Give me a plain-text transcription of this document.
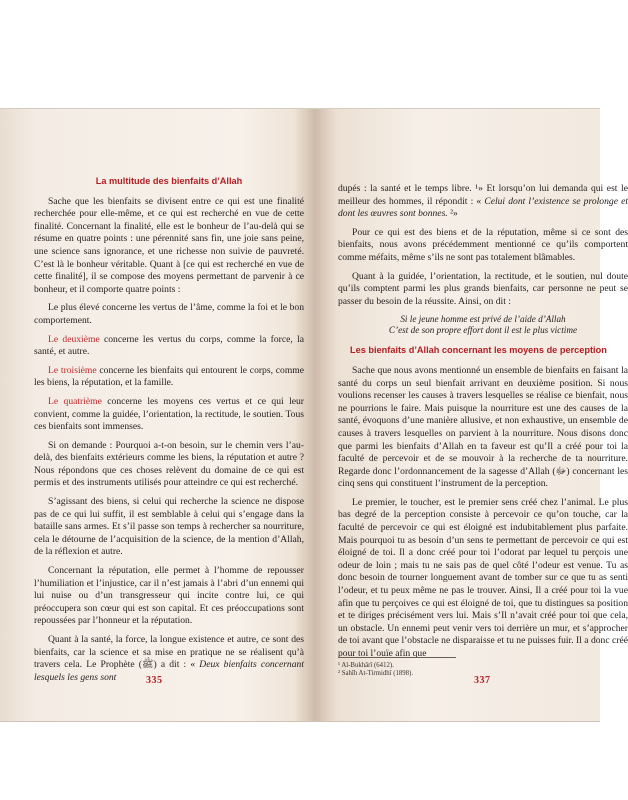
La multitude des bienfaits d’Allah

Sache que les bienfaits se divisent entre ce qui est une finalité recherchée pour elle-même, et ce qui est recherché en vue de cette finalité. Concernant la finalité, elle est le bonheur de l’au-delà qui se résume en quatre points : une pérennité sans fin, une joie sans peine, une science sans ignorance, et une richesse non suivie de pauvreté. C’est là le bonheur véritable. Quant à [ce qui est recherché en vue de cette finalité], il se compose des moyens permettant de parvenir à ce bonheur, et il comporte quatre points :

Le plus élevé concerne les vertus de l’âme, comme la foi et le bon comportement.

Le deuxième concerne les vertus du corps, comme la force, la santé, et autre.

Le troisième concerne les bienfaits qui entourent le corps, comme les biens, la réputation, et la famille.

Le quatrième concerne les moyens ces vertus et ce qui leur convient, comme la guidée, l’orientation, la rectitude, le soutien. Tous ces bienfaits sont immenses.

Si on demande : Pourquoi a-t-on besoin, sur le chemin vers l’au-delà, des bienfaits extérieurs comme les biens, la réputation et autre ? Nous répondons que ces choses relèvent du domaine de ce qui est permis et des instruments utilisés pour atteindre ce qui est recherché.

S’agissant des biens, si celui qui recherche la science ne dispose pas de ce qui lui suffit, il est semblable à celui qui s’engage dans la bataille sans armes. Et s’il passe son temps à rechercher sa nourriture, cela le détourne de l’acquisition de la science, de la mention d’Allah, de la réflexion et autre.

Concernant la réputation, elle permet à l’homme de repousser l’humiliation et l’injustice, car il n’est jamais à l’abri d’un ennemi qui lui nuise ou d’un transgresseur qui incite contre lui, ce qui préoccupera son cœur qui est son capital. Et ces préoccupations sont repoussées par l’honneur et la réputation.

Quant à la santé, la force, la longue existence et autre, ce sont des bienfaits, car la science et sa mise en pratique ne se réalisent qu’à travers cela. Le Prophète (ﷺ) a dit : « Deux bienfaits concernant lesquels les gens sont	335

dupés : la santé et le temps libre. ¹» Et lorsqu’on lui demanda qui est le meilleur des hommes, il répondit : « Celui dont l’existence se prolonge et dont les œuvres sont bonnes. ²»

Pour ce qui est des biens et de la réputation, même si ce sont des bienfaits, nous avons précédemment mentionné ce qu’ils comportent comme méfaits, même s’ils ne sont pas totalement blâmables.

Quant à la guidée, l’orientation, la rectitude, et le soutien, nul doute qu’ils comptent parmi les plus grands bienfaits, car personne ne peut se passer du besoin de la réussite. Ainsi, on dit :

Si le jeune homme est privé de l’aide d’Allah
C’est de son propre effort dont il est le plus victime
Les bienfaits d’Allah concernant les moyens de perception

Sache que nous avons mentionné un ensemble de bienfaits en faisant la santé du corps un seul bienfait arrivant en deuxième position. Si nous voulions recenser les causes à travers lesquelles se réalise ce bienfait, nous ne pourrions le faire. Mais puisque la nourriture est une des causes de la santé, évoquons d’une manière allusive, et non exhaustive, un ensemble de causes à travers lesquelles on parvient à la nourriture. Nous disons donc que parmi les bienfaits d’Allah en ta faveur est qu’Il a créé pour toi la faculté de percevoir et de se mouvoir à la recherche de ta nourriture. Regarde donc l’ordonnancement de la sagesse d’Allah (ﷻ) concernant les cinq sens qui constituent l’instrument de la perception.

Le premier, le toucher, est le premier sens créé chez l’animal. Le plus bas degré de la perception consiste à percevoir ce qu’on touche, car la faculté de percevoir ce qui est éloigné est indubitablement plus parfaite. Mais pourquoi tu as besoin d’un sens te permettant de percevoir ce qui est éloigné de toi. Il a donc créé pour toi l’odorat par lequel tu perçois une odeur de loin ; mais tu ne sais pas de quel côté l’odeur est venue. Tu as donc besoin de tourner longuement avant de tomber sur ce que tu as senti l’odeur, et tu peux même ne pas le trouver. Ainsi, Il a créé pour toi la vue afin que tu perçoives ce qui est éloigné de toi, que tu distingues sa position et te diriges précisément vers lui. Mais s’Il n’avait créé pour toi que cela, un obstacle. Un ennemi peut venir vers toi derrière un mur, et s’approcher de toi avant que l’obstacle ne disparaisse et tu ne puisses fuir. Il a donc créé pour toi l’ouïe afin que

¹ Al-Bukhârî (6412).
² Sahîh At-Tirmidhî (1898).
337
